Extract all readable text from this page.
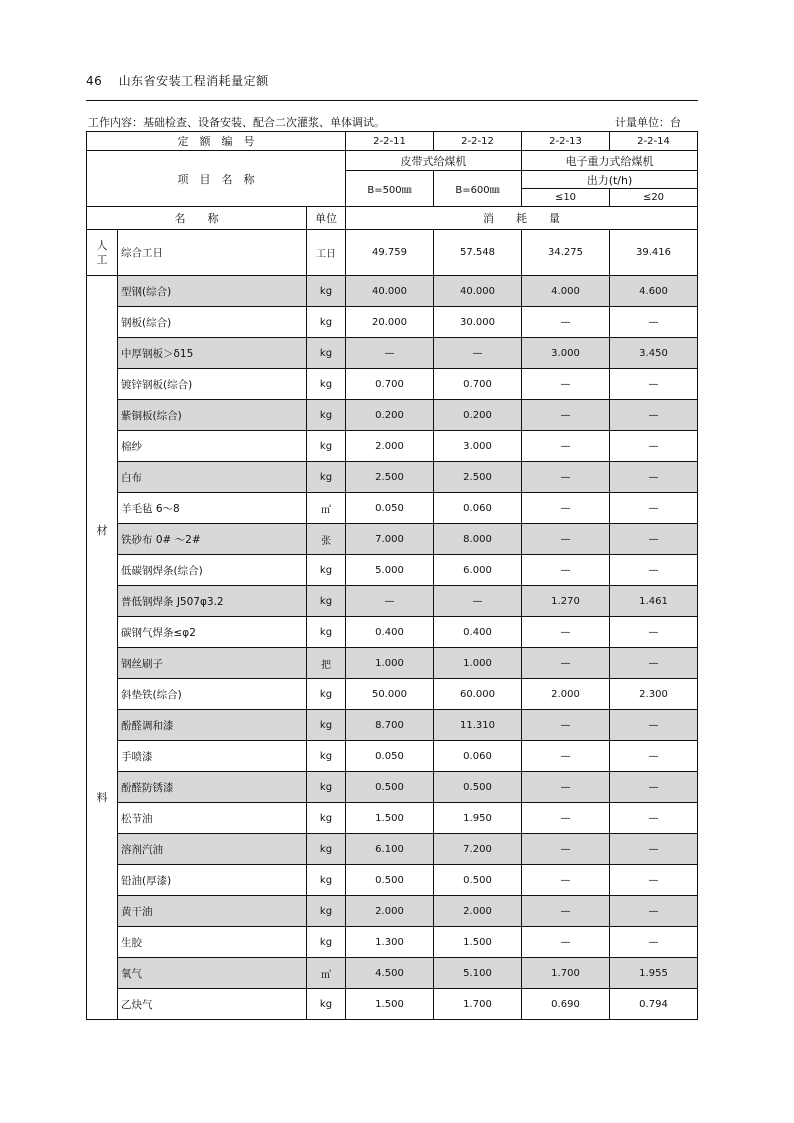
46 山东省安装工程消耗量定额
工作内容：基础检查、设备安装、配合二次灌浆、单体调试。	计量单位：台
定　额　编　号			2-2-11	2-2-12	2-2-13	2-2-14
项　目　名　称			皮带式给煤机		电子重力式给煤机	
			B=500㎜	B=600㎜	出力(t/h)	
					≤10	≤20
名　　称		单位	消　　耗　　量			

人
工	综合工日	工日	49.759	57.548	34.275	39.416

材
料	型钢(综合)	kg	40.000	40.000	4.000	4.600
	钢板(综合)	kg	20.000	30.000	—	—
	中厚钢板＞δ15	kg	—	—	3.000	3.450
	镀锌钢板(综合)	kg	0.700	0.700	—	—
	紫铜板(综合)	kg	0.200	0.200	—	—
	棉纱	kg	2.000	3.000	—	—
	白布	kg	2.500	2.500	—	—
	羊毛毡 6～8	㎡	0.050	0.060	—	—
	铁砂布 0# ～2#	张	7.000	8.000	—	—
	低碳钢焊条(综合)	kg	5.000	6.000	—	—
	普低钢焊条 J507φ3.2	kg	—	—	1.270	1.461
	碳钢气焊条≤φ2	kg	0.400	0.400	—	—
	钢丝刷子	把	1.000	1.000	—	—
	斜垫铁(综合)	kg	50.000	60.000	2.000	2.300
	酚醛调和漆	kg	8.700	11.310	—	—
	手喷漆	kg	0.050	0.060	—	—
	酚醛防锈漆	kg	0.500	0.500	—	—
	松节油	kg	1.500	1.950	—	—
	溶剂汽油	kg	6.100	7.200	—	—
	铅油(厚漆)	kg	0.500	0.500	—	—
	黄干油	kg	2.000	2.000	—	—
	生胶	kg	1.300	1.500	—	—
	氧气	㎥	4.500	5.100	1.700	1.955
	乙炔气	kg	1.500	1.700	0.690	0.794
